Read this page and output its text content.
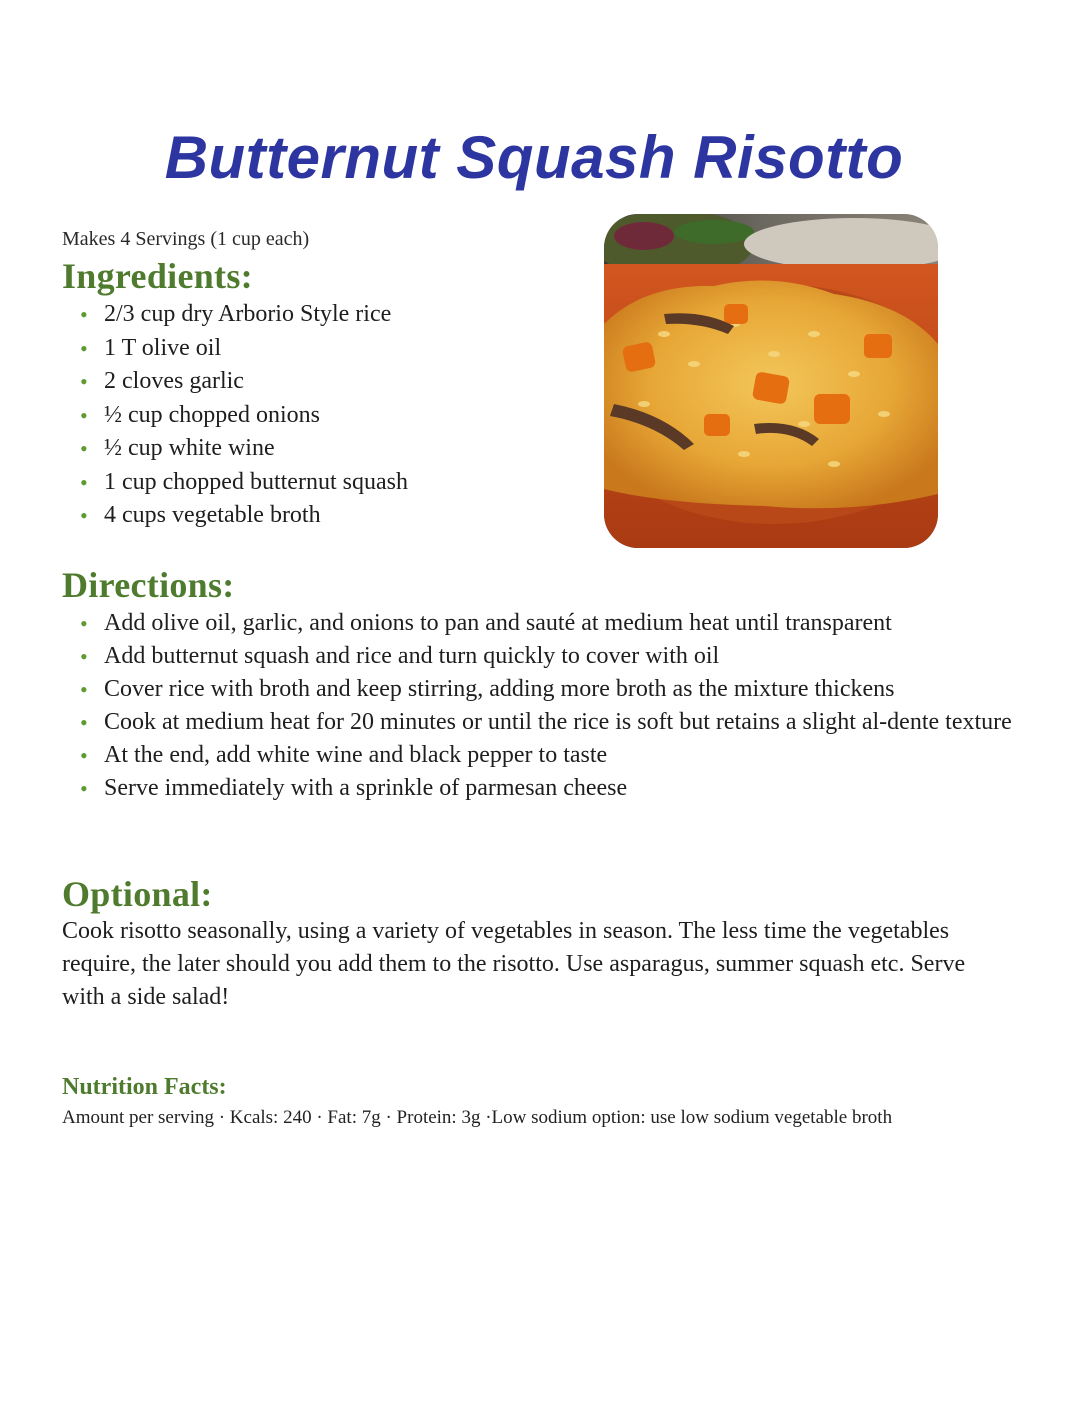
Butternut Squash Risotto
Makes 4 Servings (1 cup each)
Ingredients:
• 2/3 cup dry Arborio Style rice
• 1 T olive oil
• 2 cloves garlic
• ½ cup chopped onions
• ½ cup white wine
• 1 cup chopped butternut squash
• 4 cups vegetable broth
Directions:
• Add olive oil, garlic, and onions to pan and sauté at medium heat until transparent
• Add butternut squash and rice and turn quickly to cover with oil
• Cover rice with broth and keep stirring, adding more broth as the mixture thickens
• Cook at medium heat for 20 minutes or until the rice is soft but retains a slight al-dente texture
• At the end, add white wine and black pepper to taste
• Serve immediately with a sprinkle of parmesan cheese
Optional:
Cook risotto seasonally, using a variety of vegetables in season. The less time the vegetables require, the later should you add them to the risotto. Use asparagus, summer squash etc. Serve with a side salad!
Nutrition Facts:
Amount per serving · Kcals: 240 · Fat: 7g · Protein: 3g ·Low sodium option: use low sodium vegetable broth
